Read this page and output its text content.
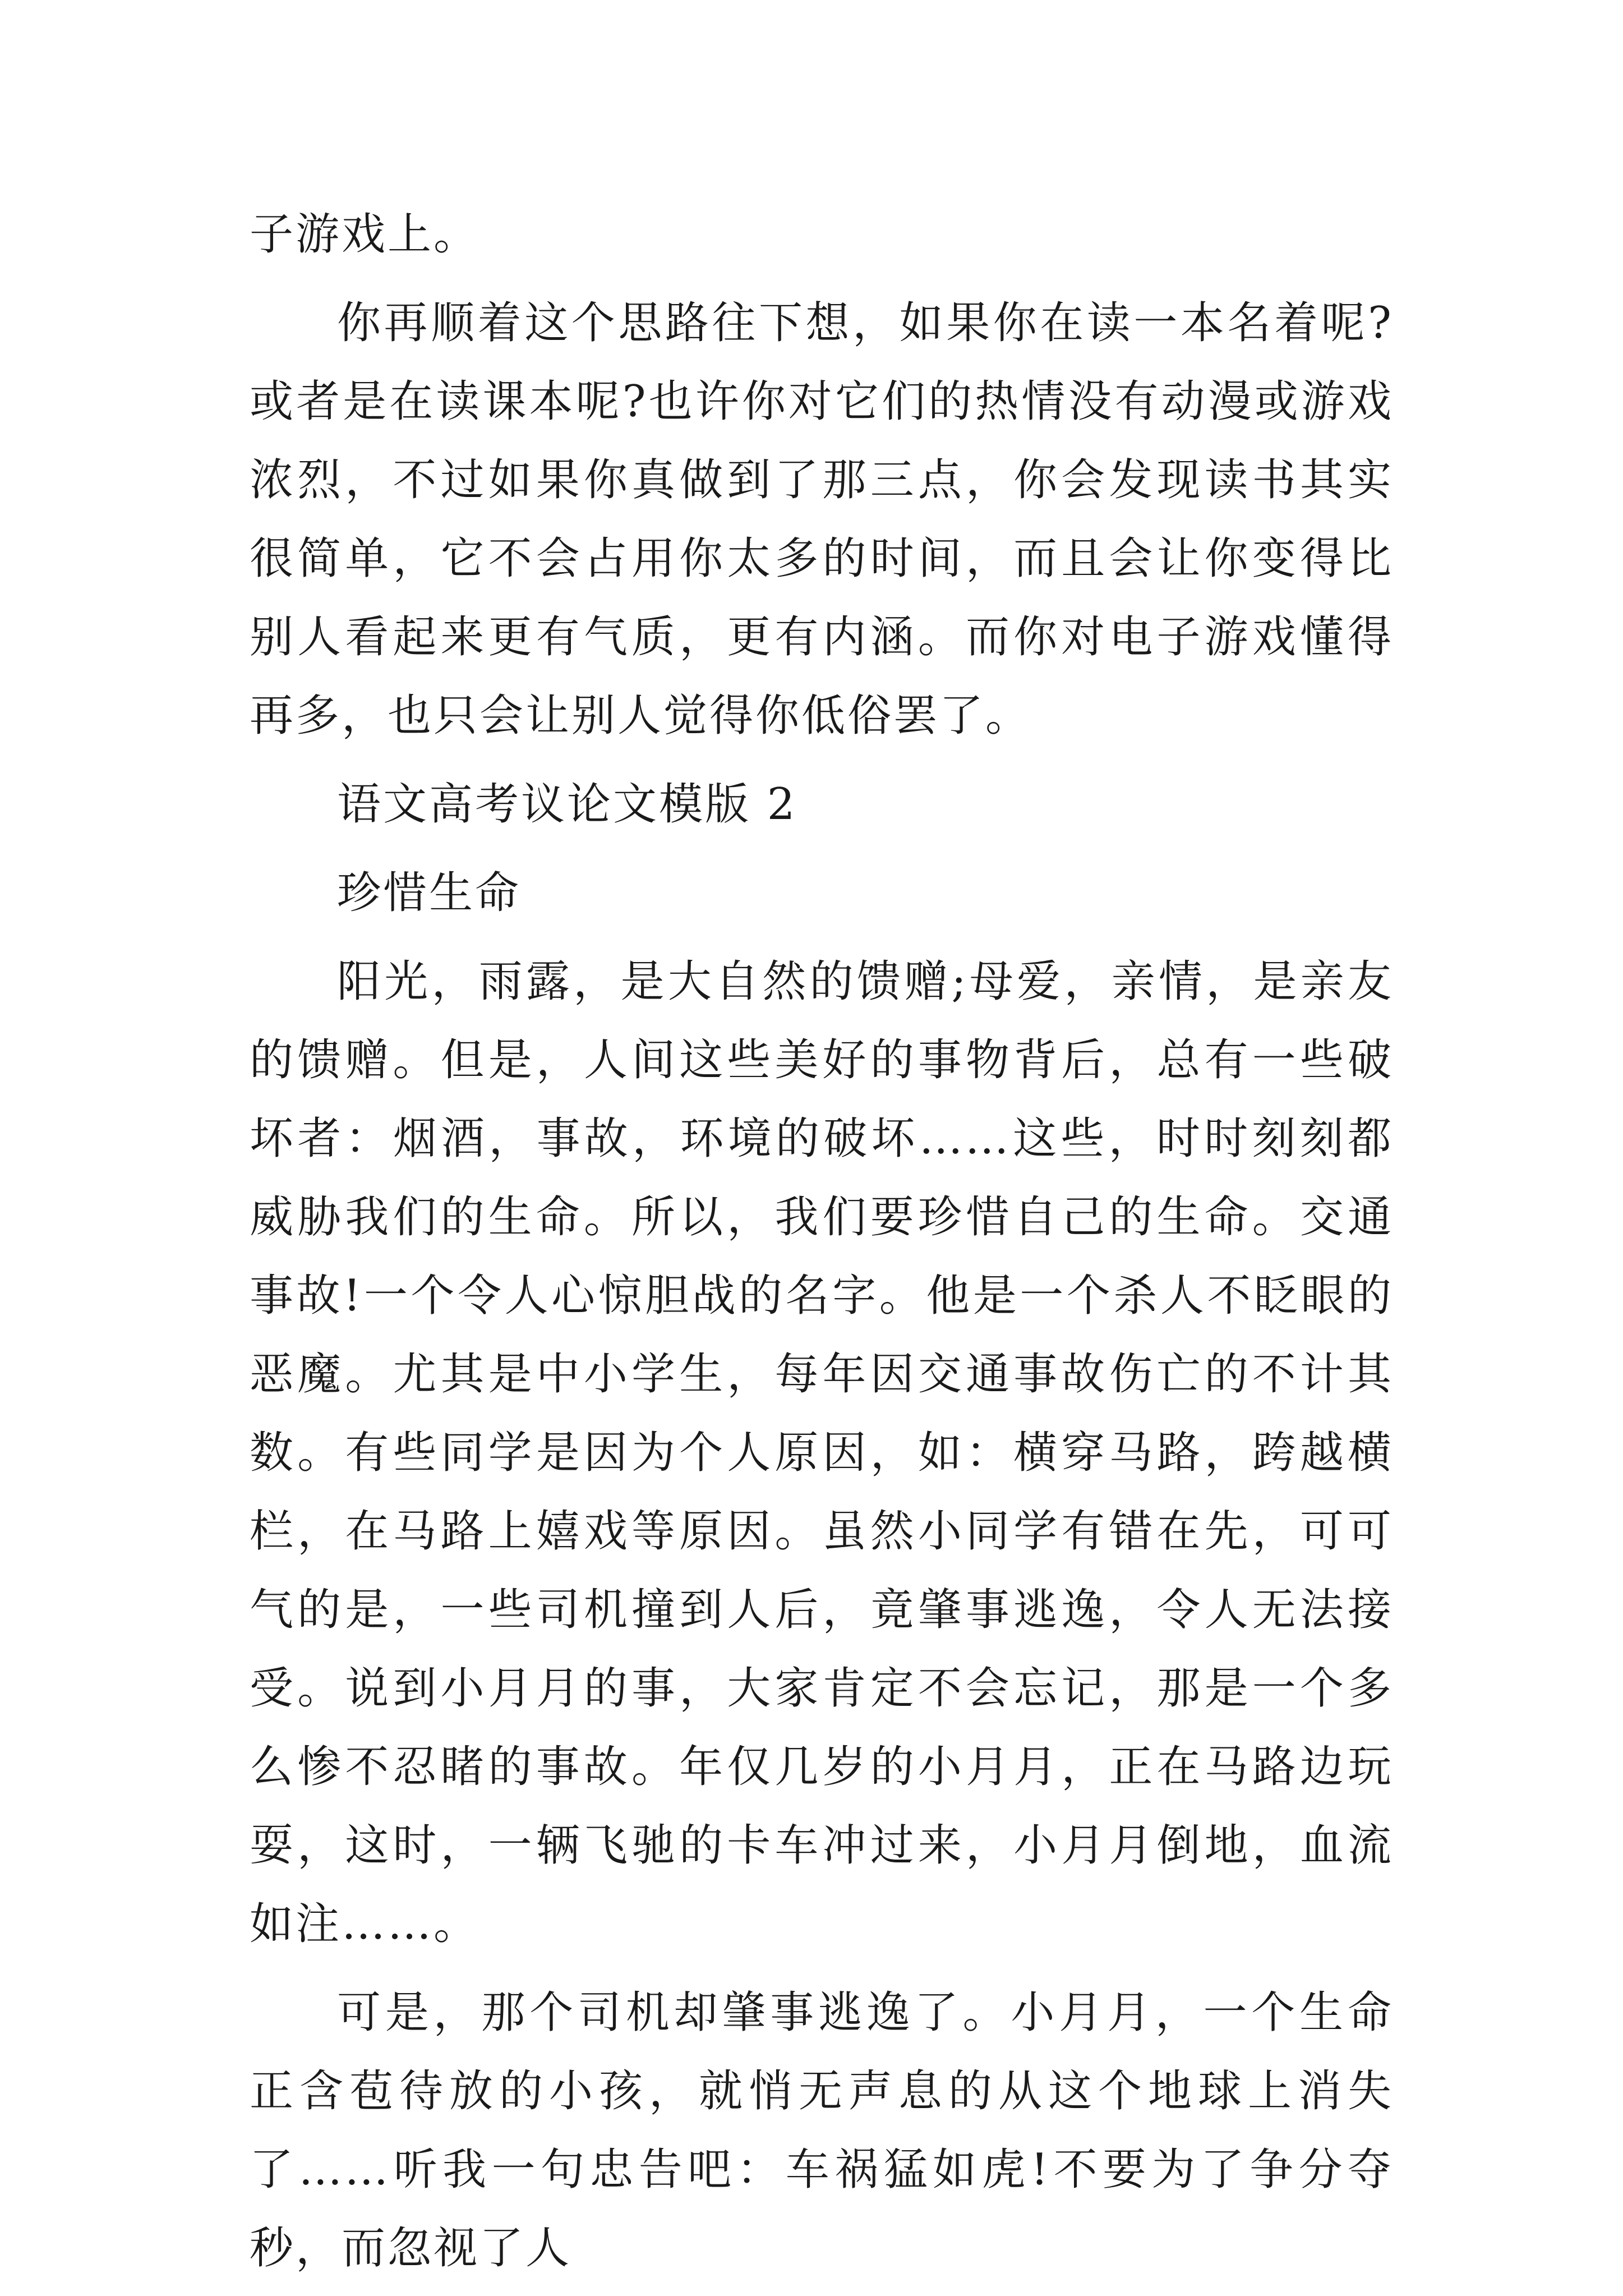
子游戏上。

你再顺着这个思路往下想，如果你在读一本名着呢?或者是在读课本呢?也许你对它们的热情没有动漫或游戏浓烈，不过如果你真做到了那三点，你会发现读书其实很简单，它不会占用你太多的时间，而且会让你变得比别人看起来更有气质，更有内涵。而你对电子游戏懂得再多，也只会让别人觉得你低俗罢了。

语文高考议论文模版 2

珍惜生命

阳光，雨露，是大自然的馈赠;母爱，亲情，是亲友的馈赠。但是，人间这些美好的事物背后，总有一些破坏者：烟酒，事故，环境的破坏……这些，时时刻刻都威胁我们的生命。所以，我们要珍惜自己的生命。交通事故!一个令人心惊胆战的名字。他是一个杀人不眨眼的恶魔。尤其是中小学生，每年因交通事故伤亡的不计其数。有些同学是因为个人原因，如：横穿马路，跨越横栏，在马路上嬉戏等原因。虽然小同学有错在先，可可气的是，一些司机撞到人后，竟肇事逃逸，令人无法接受。说到小月月的事，大家肯定不会忘记，那是一个多么惨不忍睹的事故。年仅几岁的小月月，正在马路边玩耍，这时，一辆飞驰的卡车冲过来，小月月倒地，血流如注……。

可是，那个司机却肇事逃逸了。小月月，一个生命正含苞待放的小孩，就悄无声息的从这个地球上消失了……听我一句忠告吧：车祸猛如虎!不要为了争分夺秒，而忽视了人
